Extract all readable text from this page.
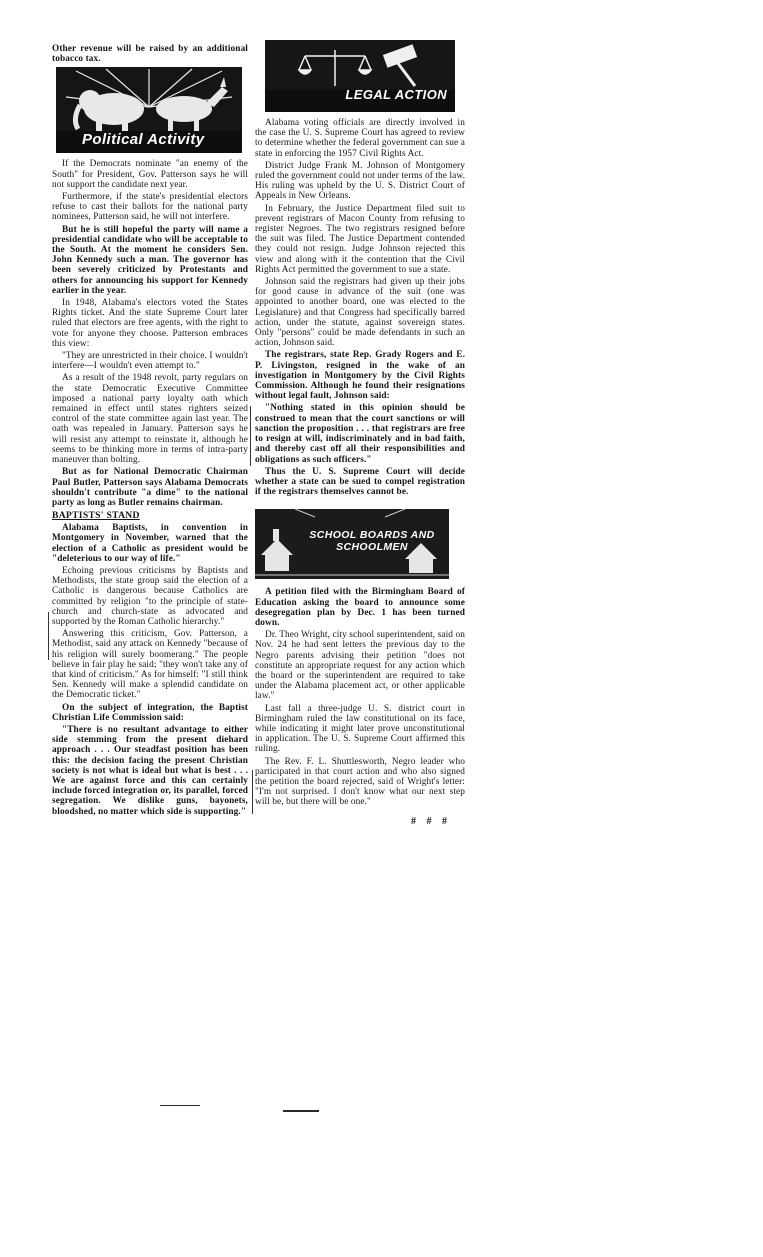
Other revenue will be raised by an additional tobacco tax.

Political Activity

If the Democrats nominate "an enemy of the South" for President, Gov. Patterson says he will not support the candidate next year.

Furthermore, if the state's presidential electors refuse to cast their ballots for the national party nominees, Patterson said, he will not interfere.

But he is still hopeful the party will name a presidential candidate who will be acceptable to the South. At the moment he considers Sen. John Kennedy such a man. The governor has been severely criticized by Protestants and others for announcing his support for Kennedy earlier in the year.

In 1948, Alabama's electors voted the States Rights ticket. And the state Supreme Court later ruled that electors are free agents, with the right to vote for anyone they choose. Patterson embraces this view:

"They are unrestricted in their choice. I wouldn't interfere—I wouldn't even attempt to."

As a result of the 1948 revolt, party regulars on the state Democratic Executive Committee imposed a national party loyalty oath which remained in effect until states righters seized control of the state committee again last year. The oath was repealed in January. Patterson says he will resist any attempt to reinstate it, although he seems to be thinking more in terms of intra-party maneuver than bolting.

But as for National Democratic Chairman Paul Butler, Patterson says Alabama Democrats shouldn't contribute "a dime" to the national party as long as Butler remains chairman.

BAPTISTS' STAND

Alabama Baptists, in convention in Montgomery in November, warned that the election of a Catholic as president would be "deleterious to our way of life."

Echoing previous criticisms by Baptists and Methodists, the state group said the election of a Catholic is dangerous because Catholics are committed by religion "to the principle of state-church and church-state as advocated and supported by the Roman Catholic hierarchy."

Answering this criticism, Gov. Patterson, a Methodist, said any attack on Kennedy "because of his religion will surely boomerang." The people believe in fair play he said; "they won't take any of that kind of criticism." As for himself: "I still think Sen. Kennedy will make a splendid candidate on the Democratic ticket."

On the subject of integration, the Baptist Christian Life Commission said:

"There is no resultant advantage to either side stemming from the present diehard approach . . . Our steadfast position has been this: the decision facing the present Christian society is not what is ideal but what is best . . . We are against force and this can certainly include forced integration or, its parallel, forced segregation. We dislike guns, bayonets, bloodshed, no matter which side is supporting."

LEGAL ACTION

Alabama voting officials are directly involved in the case the U. S. Supreme Court has agreed to review to determine whether the federal government can sue a state in enforcing the 1957 Civil Rights Act.

District Judge Frank M. Johnson of Montgomery ruled the government could not under terms of the law. His ruling was upheld by the U. S. District Court of Appeals in New Orleans.

In February, the Justice Department filed suit to prevent registrars of Macon County from refusing to register Negroes. The two registrars resigned before the suit was filed. The Justice Department contended they could not resign. Judge Johnson rejected this view and along with it the contention that the Civil Rights Act permitted the government to sue a state.

Johnson said the registrars had given up their jobs for good cause in advance of the suit (one was appointed to another board, one was elected to the Legislature) and that Congress had specifically barred action, under the statute, against sovereign states. Only "persons" could be made defendants in such an action, Johnson said.

The registrars, state Rep. Grady Rogers and E. P. Livingston, resigned in the wake of an investigation in Montgomery by the Civil Rights Commission. Although he found their resignations without legal fault, Johnson said:

"Nothing stated in this opinion should be construed to mean that the court sanctions or will sanction the proposition . . . that registrars are free to resign at will, indiscriminately and in bad faith, and thereby cast off all their responsibilities and obligations as such officers."

Thus the U. S. Supreme Court will decide whether a state can be sued to compel registration if the registrars themselves cannot be.

SCHOOL BOARDS AND SCHOOLMEN

A petition filed with the Birmingham Board of Education asking the board to announce some desegregation plan by Dec. 1 has been turned down.

Dr. Theo Wright, city school superintendent, said on Nov. 24 he had sent letters the previous day to the Negro parents advising their petition "does not constitute an appropriate request for any action which the board or the superintendent are required to take under the Alabama placement act, or other applicable law."

Last fall a three-judge U. S. district court in Birmingham ruled the law constitutional on its face, while indicating it might later prove unconstitutional in application. The U. S. Supreme Court affirmed this ruling.

The Rev. F. L. Shuttlesworth, Negro leader who participated in that court action and who also signed the petition the board rejected, said of Wright's letter: "I'm not surprised. I don't know what our next step will be, but there will be one."

# # #
